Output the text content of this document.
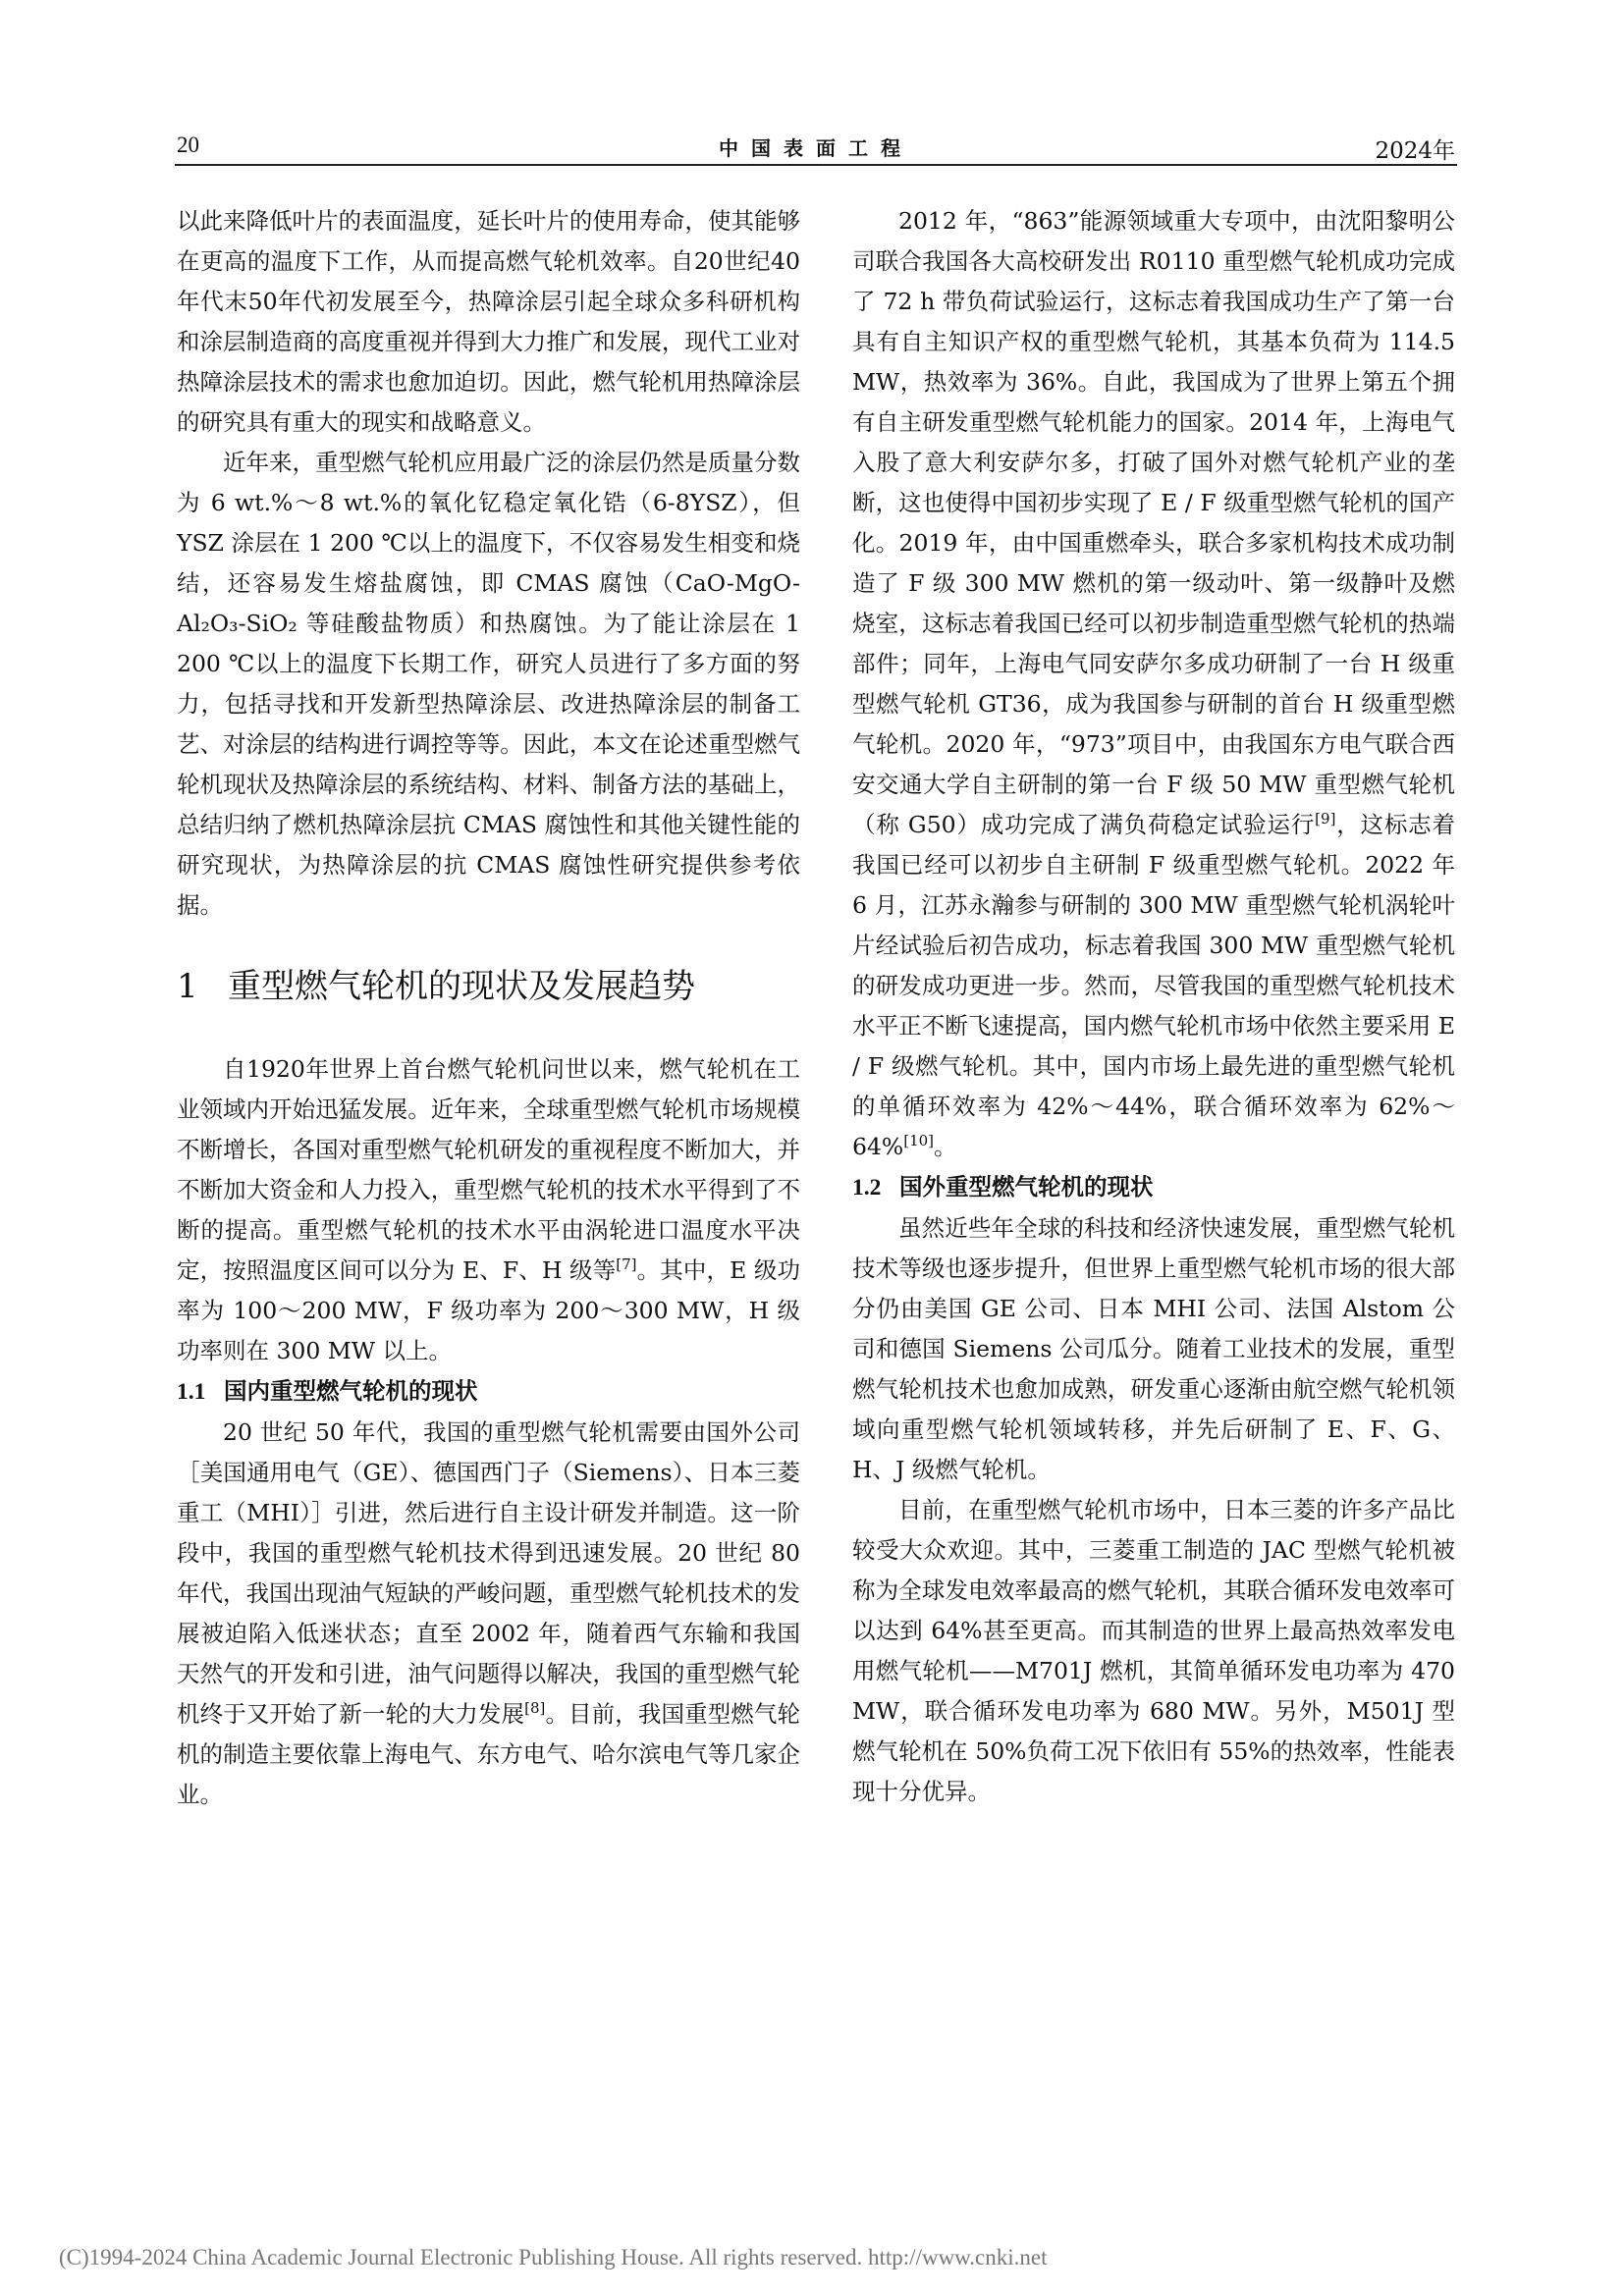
20	中国表面工程	2024年

以此来降低叶片的表面温度，延长叶片的使用寿命，使其能够在更高的温度下工作，从而提高燃气轮机效率。自20世纪40年代末50年代初发展至今，热障涂层引起全球众多科研机构和涂层制造商的高度重视并得到大力推广和发展，现代工业对热障涂层技术的需求也愈加迫切。因此，燃气轮机用热障涂层的研究具有重大的现实和战略意义。

近年来，重型燃气轮机应用最广泛的涂层仍然是质量分数为 6 wt.%～8 wt.%的氧化钇稳定氧化锆（6-8YSZ），但 YSZ 涂层在 1 200 ℃以上的温度下，不仅容易发生相变和烧结，还容易发生熔盐腐蚀，即 CMAS 腐蚀（CaO-MgO-Al₂O₃-SiO₂ 等硅酸盐物质）和热腐蚀。为了能让涂层在 1 200 ℃以上的温度下长期工作，研究人员进行了多方面的努力，包括寻找和开发新型热障涂层、改进热障涂层的制备工艺、对涂层的结构进行调控等等。因此，本文在论述重型燃气轮机现状及热障涂层的系统结构、材料、制备方法的基础上，总结归纳了燃机热障涂层抗 CMAS 腐蚀性和其他关键性能的研究现状，为热障涂层的抗 CMAS 腐蚀性研究提供参考依据。

1 重型燃气轮机的现状及发展趋势

自1920年世界上首台燃气轮机问世以来，燃气轮机在工业领域内开始迅猛发展。近年来，全球重型燃气轮机市场规模不断增长，各国对重型燃气轮机研发的重视程度不断加大，并不断加大资金和人力投入，重型燃气轮机的技术水平得到了不断的提高。重型燃气轮机的技术水平由涡轮进口温度水平决定，按照温度区间可以分为 E、F、H 级等[7]。其中，E 级功率为 100～200 MW，F 级功率为 200～300 MW，H 级功率则在 300 MW 以上。

1.1 国内重型燃气轮机的现状

20 世纪 50 年代，我国的重型燃气轮机需要由国外公司［美国通用电气（GE）、德国西门子（Siemens）、日本三菱重工（MHI）］引进，然后进行自主设计研发并制造。这一阶段中，我国的重型燃气轮机技术得到迅速发展。20 世纪 80 年代，我国出现油气短缺的严峻问题，重型燃气轮机技术的发展被迫陷入低迷状态；直至 2002 年，随着西气东输和我国天然气的开发和引进，油气问题得以解决，我国的重型燃气轮机终于又开始了新一轮的大力发展[8]。目前，我国重型燃气轮机的制造主要依靠上海电气、东方电气、哈尔滨电气等几家企业。

2012 年，“863”能源领域重大专项中，由沈阳黎明公司联合我国各大高校研发出 R0110 重型燃气轮机成功完成了 72 h 带负荷试验运行，这标志着我国成功生产了第一台具有自主知识产权的重型燃气轮机，其基本负荷为 114.5 MW，热效率为 36%。自此，我国成为了世界上第五个拥有自主研发重型燃气轮机能力的国家。2014 年，上海电气入股了意大利安萨尔多，打破了国外对燃气轮机产业的垄断，这也使得中国初步实现了 E / F 级重型燃气轮机的国产化。2019 年，由中国重燃牵头，联合多家机构技术成功制造了 F 级 300 MW 燃机的第一级动叶、第一级静叶及燃烧室，这标志着我国已经可以初步制造重型燃气轮机的热端部件；同年，上海电气同安萨尔多成功研制了一台 H 级重型燃气轮机 GT36，成为我国参与研制的首台 H 级重型燃气轮机。2020 年，“973”项目中，由我国东方电气联合西安交通大学自主研制的第一台 F 级 50 MW 重型燃气轮机（称 G50）成功完成了满负荷稳定试验运行[9]，这标志着我国已经可以初步自主研制 F 级重型燃气轮机。2022 年 6 月，江苏永瀚参与研制的 300 MW 重型燃气轮机涡轮叶片经试验后初告成功，标志着我国 300 MW 重型燃气轮机的研发成功更进一步。然而，尽管我国的重型燃气轮机技术水平正不断飞速提高，国内燃气轮机市场中依然主要采用 E / F 级燃气轮机。其中，国内市场上最先进的重型燃气轮机的单循环效率为 42%～44%，联合循环效率为 62%～64%[10]。

1.2 国外重型燃气轮机的现状

虽然近些年全球的科技和经济快速发展，重型燃气轮机技术等级也逐步提升，但世界上重型燃气轮机市场的很大部分仍由美国 GE 公司、日本 MHI 公司、法国 Alstom 公司和德国 Siemens 公司瓜分。随着工业技术的发展，重型燃气轮机技术也愈加成熟，研发重心逐渐由航空燃气轮机领域向重型燃气轮机领域转移，并先后研制了 E、F、G、H、J 级燃气轮机。

目前，在重型燃气轮机市场中，日本三菱的许多产品比较受大众欢迎。其中，三菱重工制造的 JAC 型燃气轮机被称为全球发电效率最高的燃气轮机，其联合循环发电效率可以达到 64%甚至更高。而其制造的世界上最高热效率发电用燃气轮机——M701J 燃机，其简单循环发电功率为 470 MW，联合循环发电功率为 680 MW。另外，M501J 型燃气轮机在 50%负荷工况下依旧有 55%的热效率，性能表现十分优异。

(C)1994-2024 China Academic Journal Electronic Publishing House. All rights reserved. http://www.cnki.net
